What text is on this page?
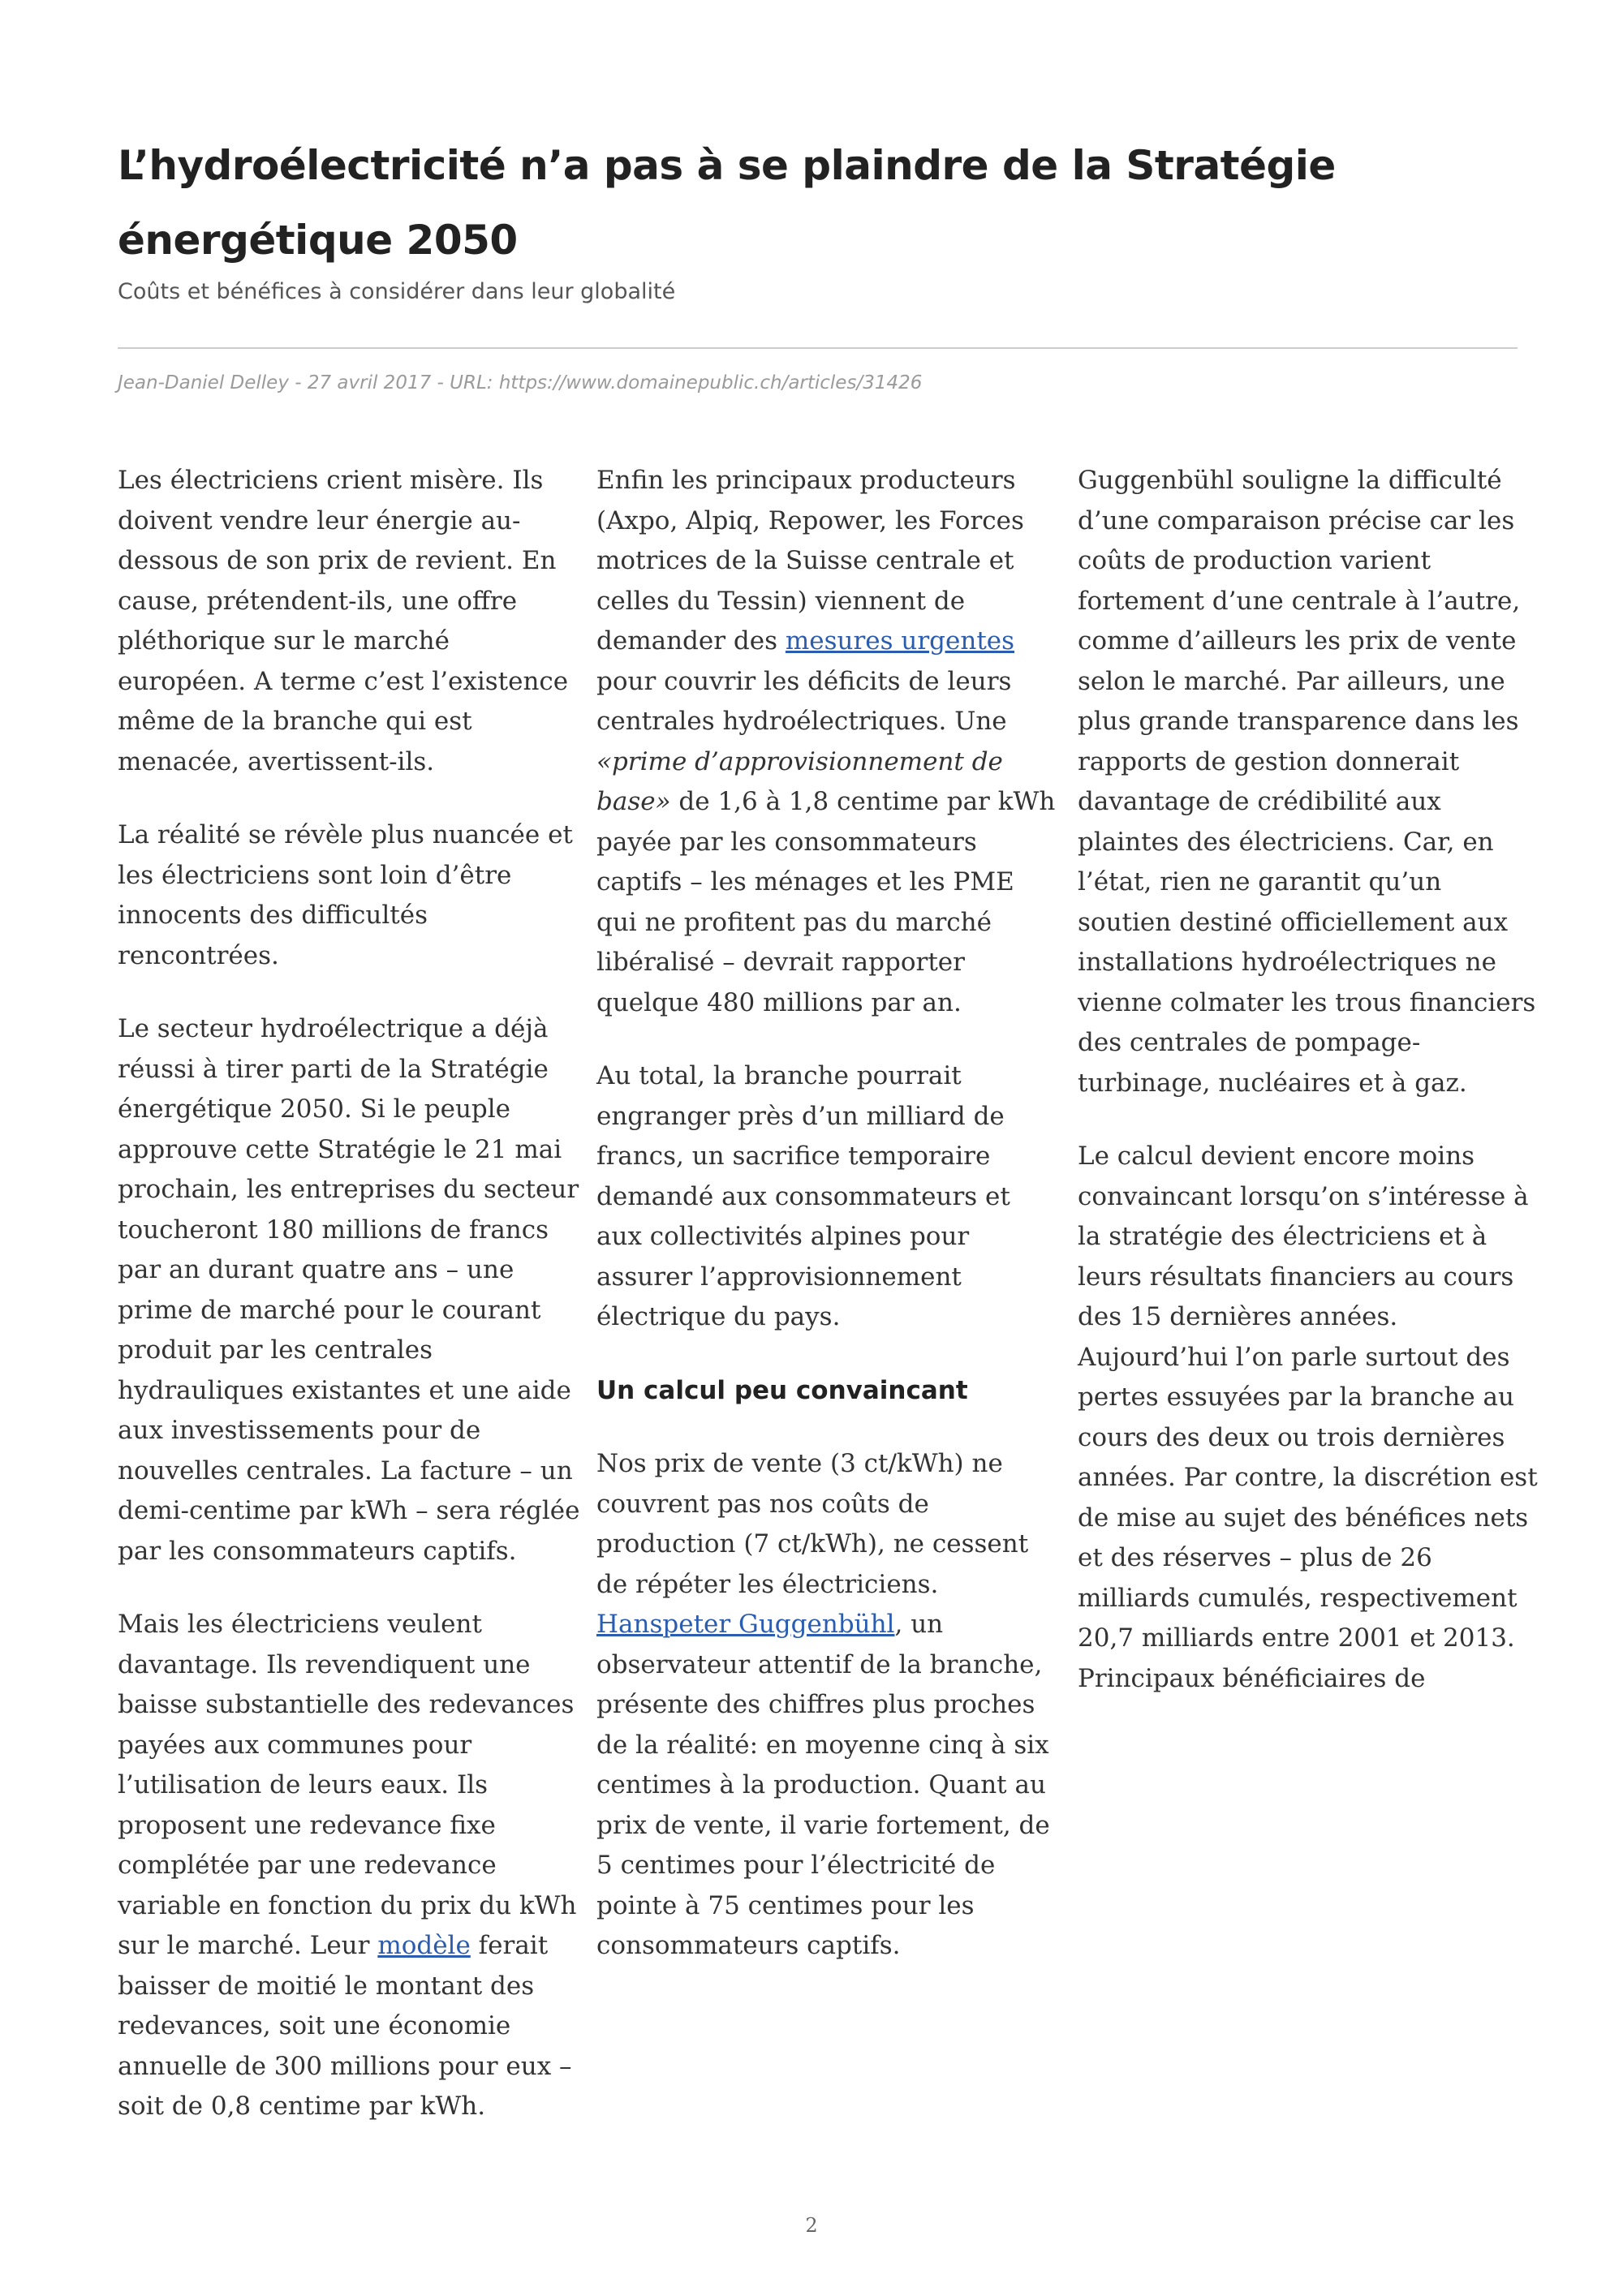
L’hydroélectricité n’a pas à se plaindre de la Stratégie énergétique 2050

Coûts et bénéfices à considérer dans leur globalité

Jean-Daniel Delley - 27 avril 2017 - URL: https://www.domainepublic.ch/articles/31426

Les électriciens crient misère. Ils doivent vendre leur énergie au-dessous de son prix de revient. En cause, prétendent-ils, une offre pléthorique sur le marché européen. A terme c’est l’existence même de la branche qui est menacée, avertissent-ils.

La réalité se révèle plus nuancée et les électriciens sont loin d’être innocents des difficultés rencontrées.

Le secteur hydroélectrique a déjà réussi à tirer parti de la Stratégie énergétique 2050. Si le peuple approuve cette Stratégie le 21 mai prochain, les entreprises du secteur toucheront 180 millions de francs par an durant quatre ans – une prime de marché pour le courant produit par les centrales hydrauliques existantes et une aide aux investissements pour de nouvelles centrales. La facture – un demi-centime par kWh – sera réglée par les consommateurs captifs.

Mais les électriciens veulent davantage. Ils revendiquent une baisse substantielle des redevances payées aux communes pour l’utilisation de leurs eaux. Ils proposent une redevance fixe complétée par une redevance variable en fonction du prix du kWh sur le marché. Leur modèle ferait baisser de moitié le montant des redevances, soit une économie annuelle de 300 millions pour eux – soit de 0,8 centime par kWh.

Enfin les principaux producteurs (Axpo, Alpiq, Repower, les Forces motrices de la Suisse centrale et celles du Tessin) viennent de demander des mesures urgentes pour couvrir les déficits de leurs centrales hydroélectriques. Une «prime d’approvisionnement de base» de 1,6 à 1,8 centime par kWh payée par les consommateurs captifs – les ménages et les PME qui ne profitent pas du marché libéralisé – devrait rapporter quelque 480 millions par an.

Au total, la branche pourrait engranger près d’un milliard de francs, un sacrifice temporaire demandé aux consommateurs et aux collectivités alpines pour assurer l’approvisionnement électrique du pays.

Un calcul peu convaincant

Nos prix de vente (3 ct/kWh) ne couvrent pas nos coûts de production (7 ct/kWh), ne cessent de répéter les électriciens. Hanspeter Guggenbühl, un observateur attentif de la branche, présente des chiffres plus proches de la réalité: en moyenne cinq à six centimes à la production. Quant au prix de vente, il varie fortement, de 5 centimes pour l’électricité de pointe à 75 centimes pour les consommateurs captifs.

Guggenbühl souligne la difficulté d’une comparaison précise car les coûts de production varient fortement d’une centrale à l’autre, comme d’ailleurs les prix de vente selon le marché. Par ailleurs, une plus grande transparence dans les rapports de gestion donnerait davantage de crédibilité aux plaintes des électriciens. Car, en l’état, rien ne garantit qu’un soutien destiné officiellement aux installations hydroélectriques ne vienne colmater les trous financiers des centrales de pompage-turbinage, nucléaires et à gaz.

Le calcul devient encore moins convaincant lorsqu’on s’intéresse à la stratégie des électriciens et à leurs résultats financiers au cours des 15 dernières années. Aujourd’hui l’on parle surtout des pertes essuyées par la branche au cours des deux ou trois dernières années. Par contre, la discrétion est de mise au sujet des bénéfices nets et des réserves – plus de 26 milliards cumulés, respectivement 20,7 milliards entre 2001 et 2013. Principaux bénéficiaires de

2
